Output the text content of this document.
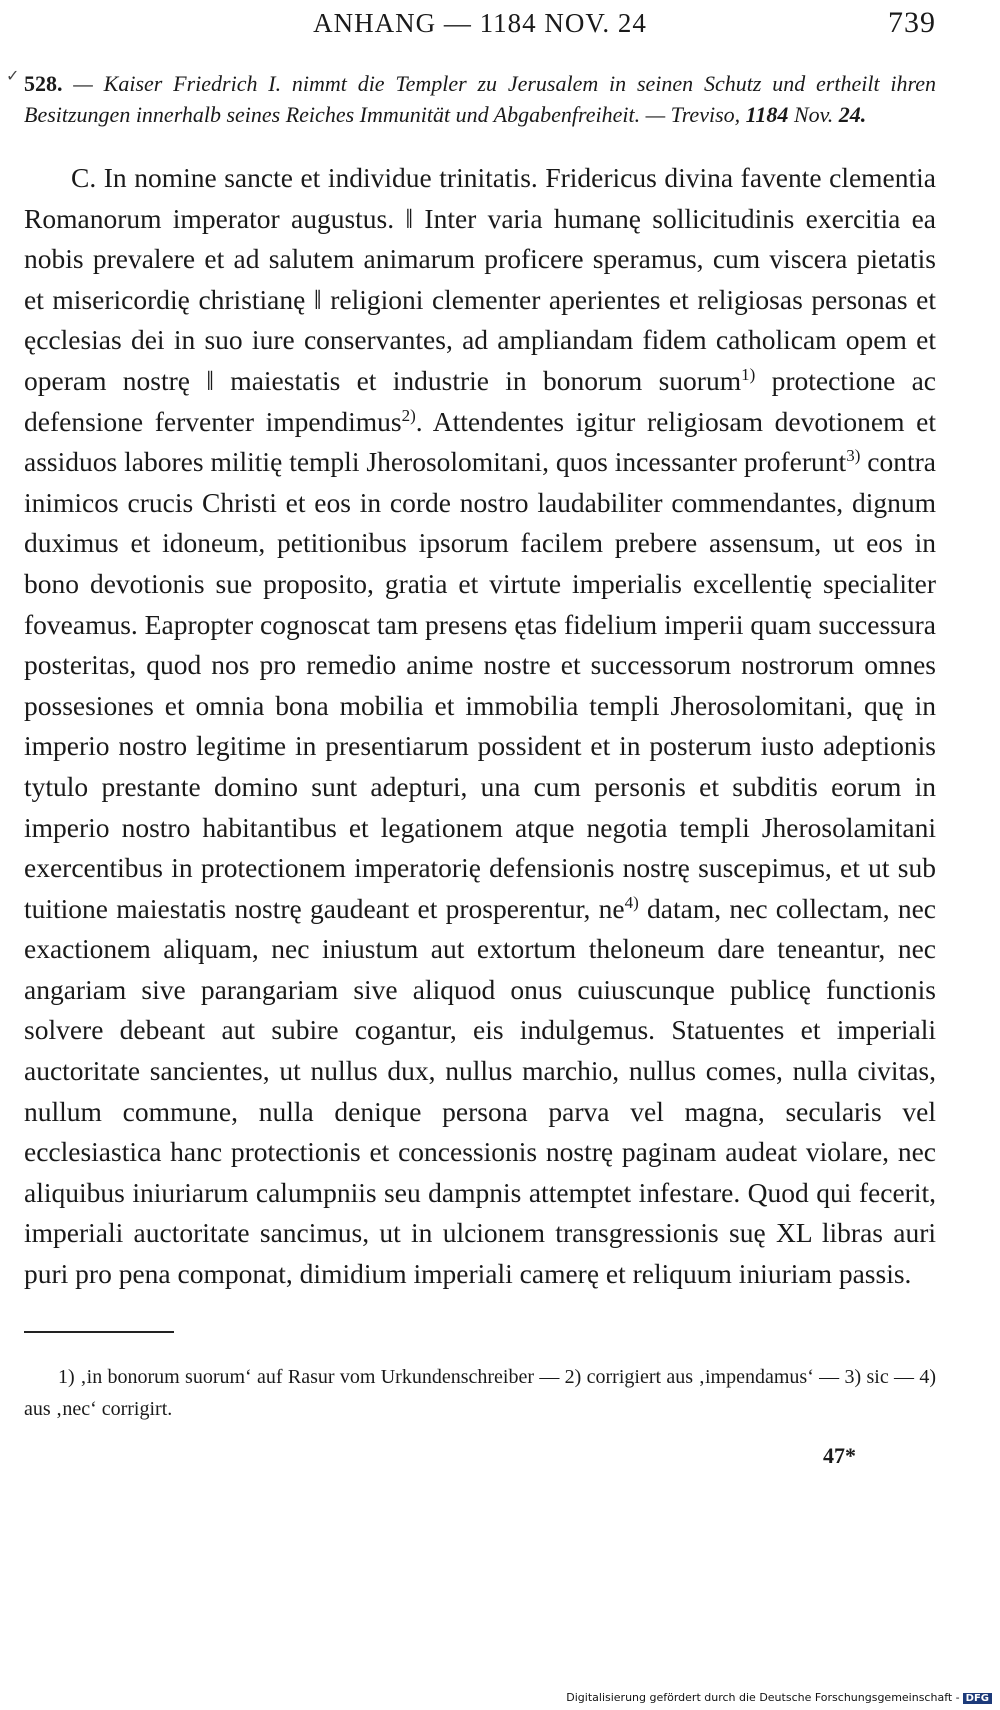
ANHANG — 1184 NOV. 24	739
✓ 528. — Kaiser Friedrich I. nimmt die Templer zu Jerusalem in seinen Schutz und ertheilt ihren Besitzungen innerhalb seines Reiches Immunität und Abgabenfreiheit. — Treviso, 1184 Nov. 24.
C. In nomine sancte et individue trinitatis. Fridericus divina favente clementia Romanorum imperator augustus. ‖ Inter varia humanę sollicitudinis exercitia ea nobis prevalere et ad salutem animarum proficere speramus, cum viscera pietatis et misericordię christianę ‖ religioni clementer aperientes et religiosas personas et ęcclesias dei in suo iure conservantes, ad ampliandam fidem catholicam opem et operam nostrę ‖ maiestatis et industrie in bonorum suorum$^{1)}$ protectione ac defensione ferventer impendimus$^{2)}$. Attendentes igitur religiosam devotionem et assiduos labores militię templi Jherosolomitani, quos incessanter proferunt$^{3)}$ contra inimicos crucis Christi et eos in corde nostro laudabiliter commendantes, dignum duximus et idoneum, petitionibus ipsorum facilem prebere assensum, ut eos in bono devotionis sue proposito, gratia et virtute imperialis excellentię specialiter foveamus. Eapropter cognoscat tam presens ętas fidelium imperii quam successura posteritas, quod nos pro remedio anime nostre et successorum nostrorum omnes possesiones et omnia bona mobilia et immobilia templi Jherosolomitani, quę in imperio nostro legitime in presentiarum possident et in posterum iusto adeptionis tytulo prestante domino sunt adepturi, una cum personis et subditis eorum in imperio nostro habitantibus et legationem atque negotia templi Jherosolamitani exercentibus in protectionem imperatorię defensionis nostrę suscepimus, et ut sub tuitione maiestatis nostrę gaudeant et prosperentur, $ne^{4)}$ datam, nec collectam, nec exactionem aliquam, nec iniustum aut extortum theloneum dare teneantur, nec angariam sive parangariam sive aliquod onus cuiuscunque publicę functionis solvere debeant aut subire cogantur, eis indulgemus. Statuentes et imperiali auctoritate sancientes, ut nullus dux, nullus marchio, nullus comes, nulla civitas, nullum commune, nulla denique persona parva vel magna, secularis vel ecclesiastica hanc protectionis et concessionis nostrę paginam audeat violare, nec aliquibus iniuriarum calumpniis seu dampnis attemptet infestare. Quod qui fecerit, imperiali auctoritate sancimus, ut in ulcionem transgressionis suę XL libras auri puri pro pena componat, dimidium imperiali camerę et reliquum iniuriam passis.
1) ‚in bonorum suorum‘ auf Rasur vom Urkundenschreiber — 2) corrigiert aus ‚impendamus‘ — 3) sic — 4) aus ‚nec‘ corrigirt.
47*
Digitalisierung gefördert durch die Deutsche Forschungsgemeinschaft - DFG
